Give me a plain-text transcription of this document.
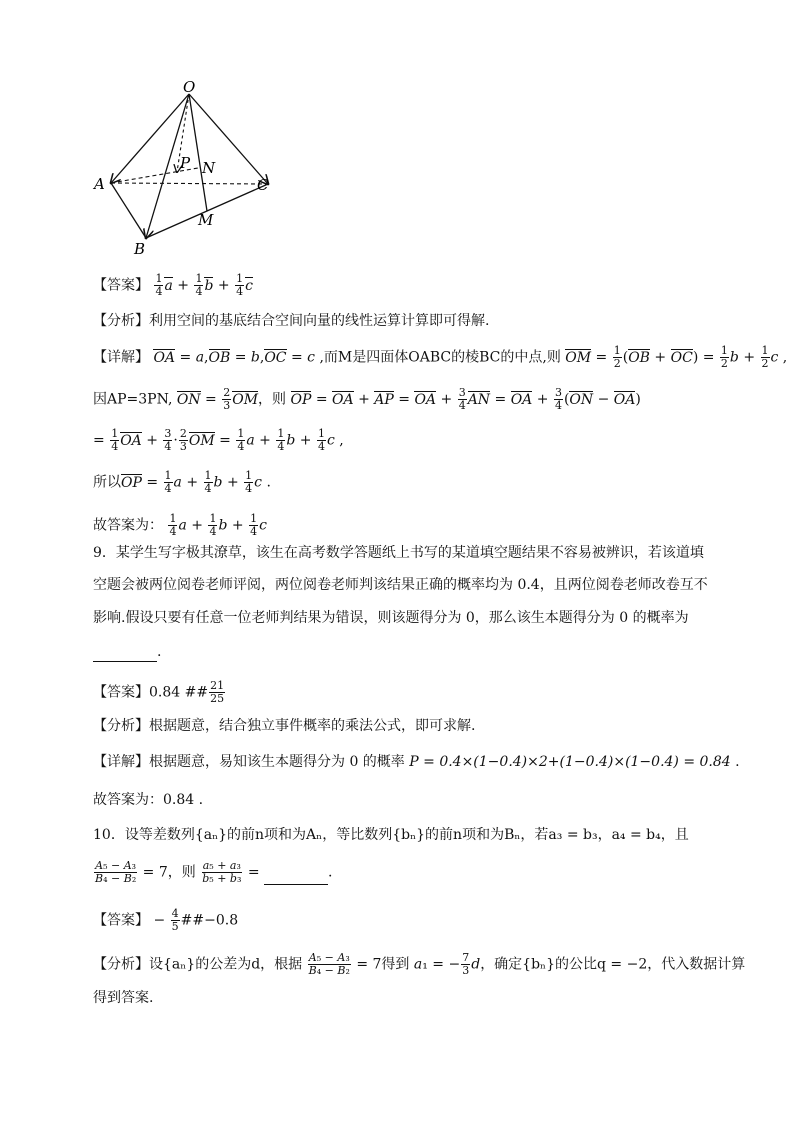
O
A
B
C
M
N
P
【答案】 $\frac{1}{4}$ $a + \frac{1}{4}$ $b + \frac{1}{4}$ c
【分析】利用空间的基底结合空间向量的线性运算计算即可得解.
【详解】 OA = a,OB = b,OC = c ,而M是四面体OABC的棱BC的中点,则 OM = $\frac{1}{2} (OB + OC) = \frac{1}{2}$ $b + \frac{1}{2}$ c ,
因AP=3PN, ON = $\frac{2}{3}$ OM，则 OP = OA + AP = OA + $\frac{3}{4}$ AN = OA + $\frac{3}{4} (ON - OA)$
= $\frac{1}{4}$ OA + $\frac{3}{4} \cdot \frac{2}{3}$ OM = $\frac{1}{4}$ $a + \frac{1}{4}$ $b + \frac{1}{4}$ c ,
所以OP = $\frac{1}{4}$ $a + \frac{1}{4}$ $b + \frac{1}{4}$ c .
故答案为： $\frac{1}{4}$ $a + \frac{1}{4}$ $b + \frac{1}{4}$ c
9．某学生写字极其潦草，该生在高考数学答题纸上书写的某道填空题结果不容易被辨识，若该道填
空题会被两位阅卷老师评阅，两位阅卷老师判该结果正确的概率均为 0.4，且两位阅卷老师改卷互不
影响.假设只要有任意一位老师判结果为错误，则该题得分为 0，那么该生本题得分为 0 的概率为
.
【答案】0.84 ## $\frac{21}{25}$
【分析】根据题意，结合独立事件概率的乘法公式，即可求解.
【详解】根据题意，易知该生本题得分为 0 的概率 P = 0.4×(1−0.4)×2+(1−0.4)×(1−0.4) = 0.84 .
故答案为：0.84 .
10．设等差数列{aₙ}的前n项和为Aₙ，等比数列{bₙ}的前n项和为Bₙ，若a₃ = b₃，a₄ = b₄，且
$\frac{\text{A₅ − A₃}}{\text{B₄ − B₂}} = 7$，则 $\frac{\text{a₅ + a₃}}{\text{b₅ + b₃}}$ =	.
【答案】 − $\frac{4}{5}$ ##−0.8
【分析】设{aₙ}的公差为d，根据 $\frac{\text{A₅ − A₃}}{\text{B₄ − B₂}} = 7$得到 a₁ = − $\frac{7}{3}$ d，确定{bₙ}的公比q = −2，代入数据计算
得到答案.
